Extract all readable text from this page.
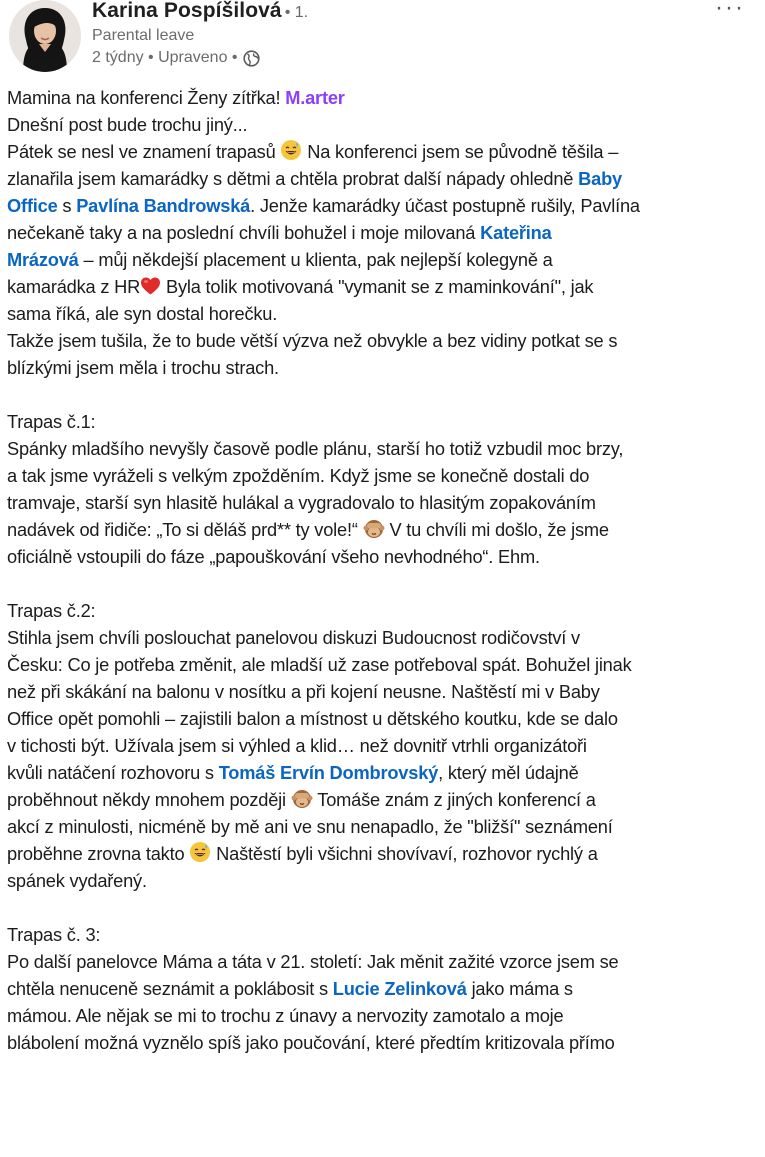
Karina Pospíšilová • 1.
Parental leave
2 týdny
• Upraveno •
···
Mamina na konferenci Ženy zítřka! M.arter
Dnešní post bude trochu jiný...
Pátek se nesl ve znamení trapasů  Na konferenci jsem se původně těšila –
zlanařila jsem kamarádky s dětmi a chtěla probrat další nápady ohledně Baby
Office s Pavlína Bandrowská. Jenže kamarádky účast postupně rušily, Pavlína
nečekaně taky a na poslední chvíli bohužel i moje milovaná Kateřina
Mrázová – můj někdejší placement u klienta, pak nejlepší kolegyně a
kamarádka z HR Byla tolik motivovaná "vymanit se z maminkování", jak
sama říká, ale syn dostal horečku.
Takže jsem tušila, že to bude větší výzva než obvykle a bez vidiny potkat se s
blízkými jsem měla i trochu strach.
Trapas č.1:
Spánky mladšího nevyšly časově podle plánu, starší ho totiž vzbudil moc brzy,
a tak jsme vyráželi s velkým zpožděním. Když jsme se konečně dostali do
tramvaje, starší syn hlasitě hulákal a vygradovalo to hlasitým zopakováním
nadávek od řidiče: „To si děláš prd** ty vole!“  V tu chvíli mi došlo, že jsme
oficiálně vstoupili do fáze „papouškování všeho nevhodného“. Ehm.
Trapas č.2:
Stihla jsem chvíli poslouchat panelovou diskuzi Budoucnost rodičovství v
Česku: Co je potřeba změnit, ale mladší už zase potřeboval spát. Bohužel jinak
než při skákání na balonu v nosítku a při kojení neusne. Naštěstí mi v Baby
Office opět pomohli – zajistili balon a místnost u dětského koutku, kde se dalo
v tichosti být. Užívala jsem si výhled a klid… než dovnitř vtrhli organizátoři
kvůli natáčení rozhovoru s Tomáš Ervín Dombrovský, který měl údajně
proběhnout někdy mnohem později  Tomáše znám z jiných konferencí a
akcí z minulosti, nicméně by mě ani ve snu nenapadlo, že "bližší" seznámení
proběhne zrovna takto  Naštěstí byli všichni shovívaví, rozhovor rychlý a
spánek vydařený.
Trapas č. 3:
Po další panelovce Máma a táta v 21. století: Jak měnit zažité vzorce jsem se
chtěla nenuceně seznámit a poklábosit s Lucie Zelinková jako máma s
mámou. Ale nějak se mi to trochu z únavy a nervozity zamotalo a moje
blábolení možná vyznělo spíš jako poučování, které předtím kritizovala přímo
